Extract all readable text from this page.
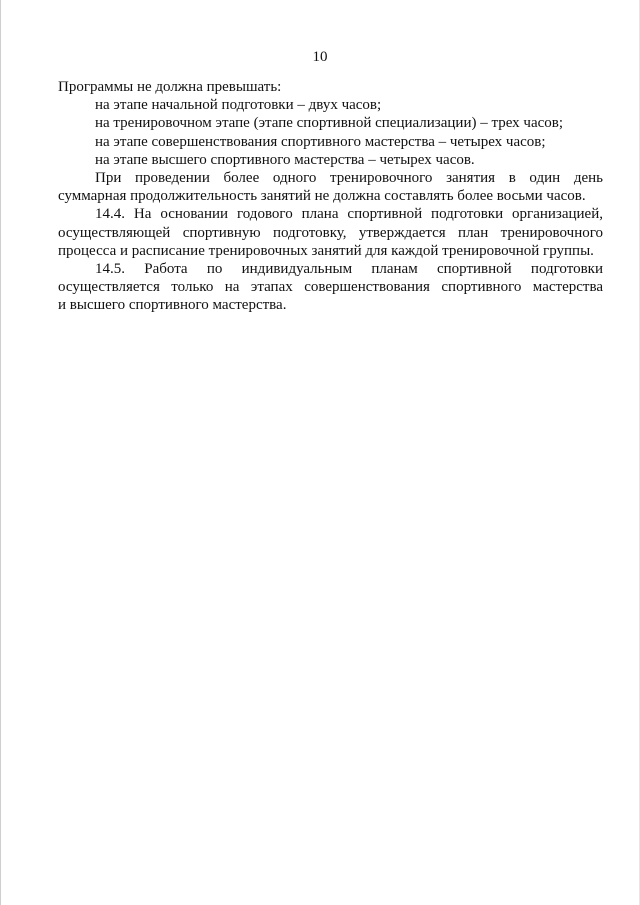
10
Программы не должна превышать:
на этапе начальной подготовки – двух часов;
на тренировочном этапе (этапе спортивной специализации) – трех часов;
на этапе совершенствования спортивного мастерства – четырех часов;
на этапе высшего спортивного мастерства – четырех часов.
При проведении более одного тренировочного занятия в один день
суммарная продолжительность занятий не должна составлять более восьми часов.
14.4. На основании годового плана спортивной подготовки организацией,
осуществляющей спортивную подготовку, утверждается план тренировочного
процесса и расписание тренировочных занятий для каждой тренировочной группы.
14.5. Работа по индивидуальным планам спортивной подготовки
осуществляется только на этапах совершенствования спортивного мастерства
и высшего спортивного мастерства.
